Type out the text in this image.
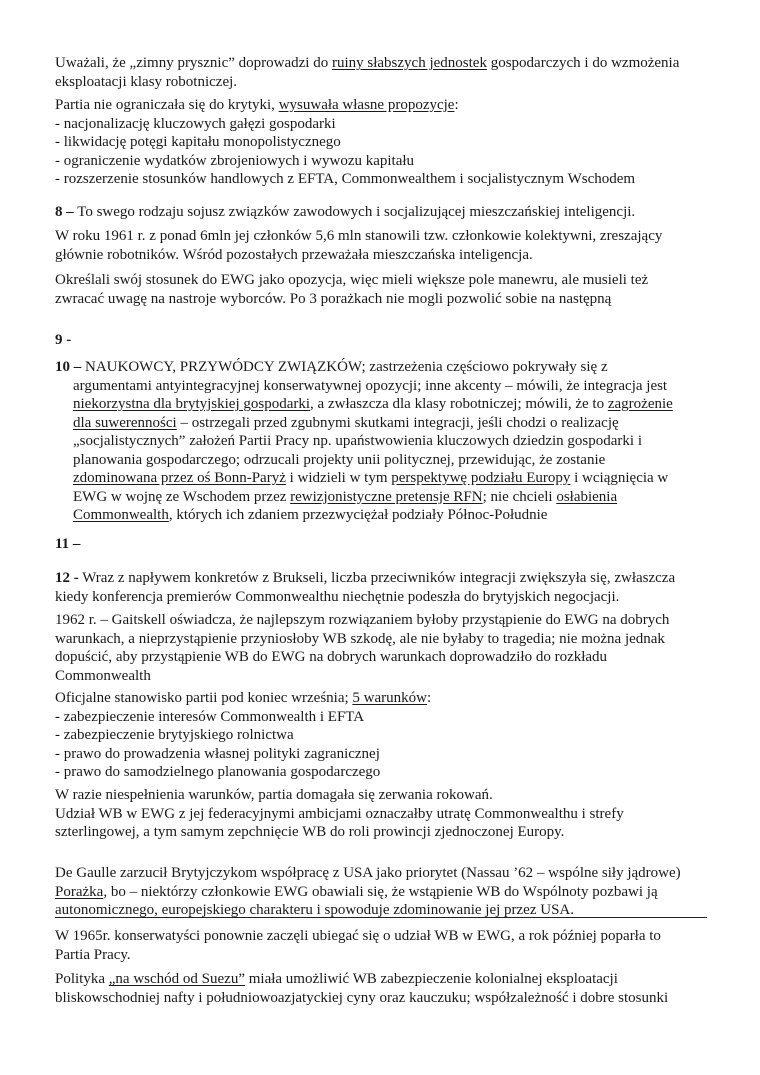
Uważali, że „zimny prysznic” doprowadzi do ruiny słabszych jednostek gospodarczych i do wzmożenia
eksploatacji klasy robotniczej.
Partia nie ograniczała się do krytyki, wysuwała własne propozycje:
- nacjonalizację kluczowych gałęzi gospodarki
- likwidację potęgi kapitału monopolistycznego
- ograniczenie wydatków zbrojeniowych i wywozu kapitału
- rozszerzenie stosunków handlowych z EFTA, Commonwealthem i socjalistycznym Wschodem
8 – To swego rodzaju sojusz związków zawodowych i socjalizującej mieszczańskiej inteligencji.
W roku 1961 r. z ponad 6mln jej członków 5,6 mln stanowili tzw. członkowie kolektywni, zreszający
głównie robotników. Wśród pozostałych przeważała mieszczańska inteligencja.
Określali swój stosunek do EWG jako opozycja, więc mieli większe pole manewru, ale musieli też
zwracać uwagę na nastroje wyborców. Po 3 porażkach nie mogli pozwolić sobie na następną
9 -
10 – NAUKOWCY, PRZYWÓDCY ZWIĄZKÓW; zastrzeżenia częściowo pokrywały się z
argumentami antyintegracyjnej konserwatywnej opozycji; inne akcenty – mówili, że integracja jest
niekorzystna dla brytyjskiej gospodarki, a zwłaszcza dla klasy robotniczej; mówili, że to zagrożenie
dla suwerenności – ostrzegali przed zgubnymi skutkami integracji, jeśli chodzi o realizację
„socjalistycznych” założeń Partii Pracy np. upaństwowienia kluczowych dziedzin gospodarki i
planowania gospodarczego; odrzucali projekty unii politycznej, przewidując, że zostanie
zdominowana przez oś Bonn-Paryż i widzieli w tym perspektywę podziału Europy i wciągnięcia w
EWG w wojnę ze Wschodem przez rewizjonistyczne pretensje RFN; nie chcieli osłabienia
Commonwealth, których ich zdaniem przezwyciężał podziały Północ-Południe
11 –
12 - Wraz z napływem konkretów z Brukseli, liczba przeciwników integracji zwiększyła się, zwłaszcza
kiedy konferencja premierów Commonwealthu niechętnie podeszła do brytyjskich negocjacji.
1962 r. – Gaitskell oświadcza, że najlepszym rozwiązaniem byłoby przystąpienie do EWG na dobrych
warunkach, a nieprzystąpienie przyniosłoby WB szkodę, ale nie byłaby to tragedia; nie można jednak
dopuścić, aby przystąpienie WB do EWG na dobrych warunkach doprowadziło do rozkładu
Commonwealth
Oficjalne stanowisko partii pod koniec września; 5 warunków:
- zabezpieczenie interesów Commonwealth i EFTA
- zabezpieczenie brytyjskiego rolnictwa
- prawo do prowadzenia własnej polityki zagranicznej
- prawo do samodzielnego planowania gospodarczego
W razie niespełnienia warunków, partia domagała się zerwania rokowań.
Udział WB w EWG z jej federacyjnymi ambicjami oznaczałby utratę Commonwealthu i strefy
szterlingowej, a tym samym zepchnięcie WB do roli prowincji zjednoczonej Europy.
De Gaulle zarzucił Brytyjczykom współpracę z USA jako priorytet (Nassau ’62 – wspólne siły jądrowe)
Porażka, bo – niektórzy członkowie EWG obawiali się, że wstąpienie WB do Wspólnoty pozbawi ją
autonomicznego, europejskiego charakteru i spowoduje zdominowanie jej przez USA.
W 1965r. konserwatyści ponownie zaczęli ubiegać się o udział WB w EWG, a rok później poparła to
Partia Pracy.
Polityka „na wschód od Suezu” miała umożliwić WB zabezpieczenie kolonialnej eksploatacji
bliskowschodniej nafty i południowoazjatyckiej cyny oraz kauczuku; współzależność i dobre stosunki
